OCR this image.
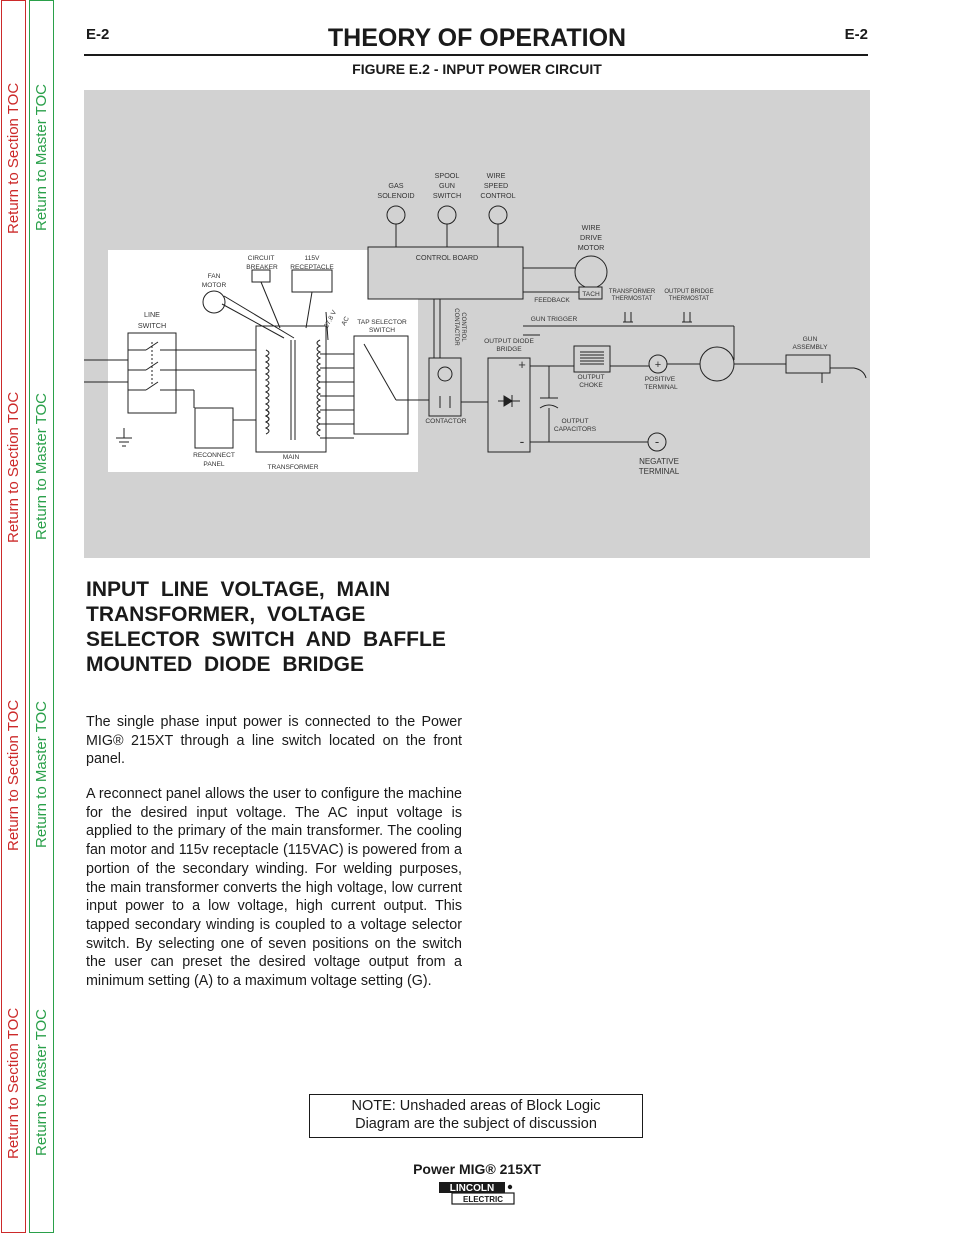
Return to Section TOC
Return to Section TOC
Return to Section TOC
Return to Section TOC
Return to Master TOC
Return to Master TOC
Return to Master TOC
Return to Master TOC
E-2	E-2
THEORY OF OPERATION
FIGURE E.2 - INPUT POWER CIRCUIT
GAS
SOLENOID
SPOOL
GUN
SWITCH
WIRE
SPEED
CONTROL
WIRE
DRIVE
MOTOR
CONTROL BOARD
CIRCUIT
BREAKER
115V
RECEPTACLE
FAN
MOTOR
LINE
SWITCH
RECONNECT
PANEL
MAIN
TRANSFORMER
TAP SELECTOR
SWITCH
27.8 V AC	CONTACTOR CONTROL
CONTACTOR
OUTPUT DIODE
BRIDGE
FEEDBACK
TACH TRANSFORMER
THERMOSTAT
OUTPUT BRIDGE
THERMOSTAT
GUN TRIGGER
GUN
ASSEMBLY
OUTPUT
CHOKE
POSITIVE
TERMINAL
OUTPUT
CAPACITORS
NEGATIVE
TERMINAL
+
-
+
-
INPUT LINE VOLTAGE, MAIN TRANSFORMER, VOLTAGE SELECTOR SWITCH AND BAFFLE MOUNTED DIODE BRIDGE
The single phase input power is connected to the Power MIG® 215XT through a line switch located on the front panel.
A reconnect panel allows the user to configure the machine for the desired input voltage. The AC input voltage is applied to the primary of the main transformer. The cooling fan motor and 115v receptacle (115VAC) is powered from a portion of the secondary winding. For welding purposes, the main transformer converts the high voltage, low current input power to a low voltage, high current output. This tapped secondary winding is coupled to a voltage selector switch. By selecting one of seven positions on the switch the user can preset the desired voltage output from a minimum setting (A) to a maximum voltage setting (G).
NOTE: Unshaded areas of Block Logic
Diagram are the subject of discussion
Power MIG® 215XT
LINCOLN
ELECTRIC
